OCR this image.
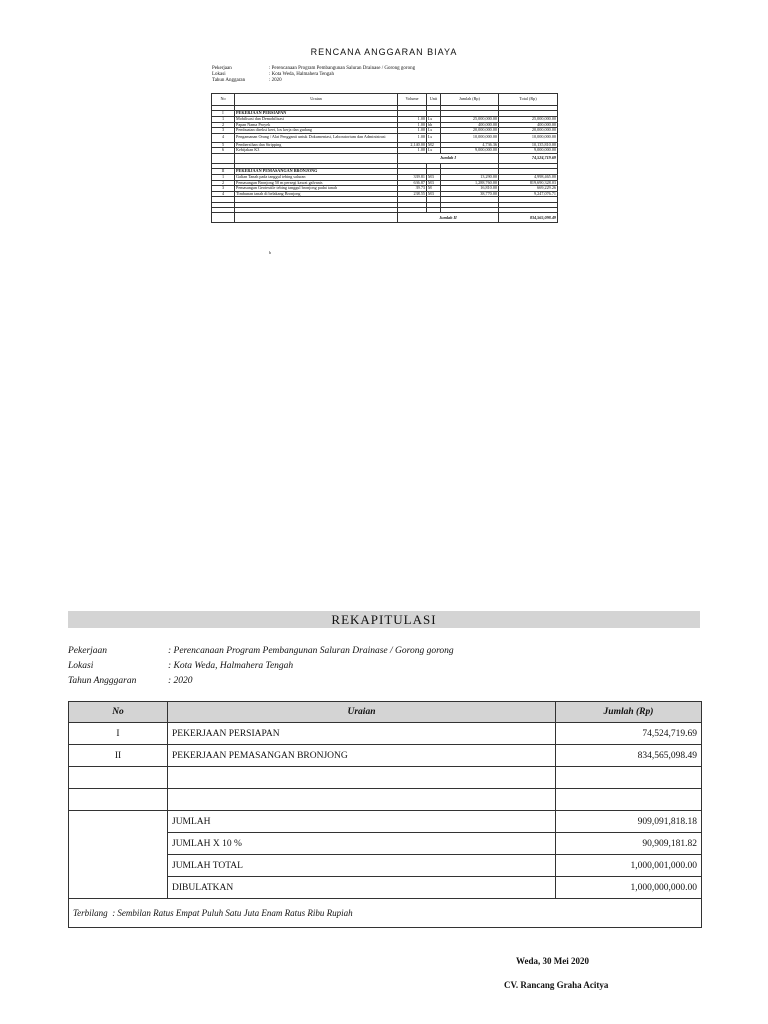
RENCANA ANGGARAN BIAYA
Pekerjaan	: Perencanaan Program Pembangunan Saluran Drainase / Gorong gorong
Lokasi	: Kota Weda, Halmahera Tengah
Tahun Anggaran	: 2020
No	Uraian	Volume	Unit	Jumlah (Rp)	Total (Rp)

I	PEKERJAAN PERSIAPAN				
1	Mobilisasi dan Demobilisasi	1.00	Ls	25,000,000.00	25,000,000.00
2	Papan Nama Proyek	1.00	bh	400,000.00	400,000.00
3	Pembuatan direksi keet, los kerja dan gudang	1.00	Ls	20,000,000.00	20,000,000.00
4	Pengamanan Orang / Alat Pengganti untuk Dokumentasi, Laboratorium dan Administrasi	1.00	Ls	10,000,000.00	10,000,000.00
5	Pembersihan dan Stripping	2,140.00	M2	4,736.36	10,135,810.00
6	Kebijakan K3	1.00	Ls	9,000,000.00	9,000,000.00
		Jumlah I			74,524,719.69

II	PEKERJAAN PEMASANGAN BRONJONG				
1	Galian Tanah pada tanggul tebing saluran	339.81	M3	13,290.00	4,998,465.00
2	Pemasangan Bronjong 50 m persegi kawat galvanis	636.87	M3	1,288,760.00	819,690,328.03
3	Pemasangan Geotextile tebing tanggul bronjong padat tanah	39.73	M	16,810.00	669,229.26
4	Timbunan tanah di belakang Bronjong	238.55	M3	38,770.00	9,247,076.71

		Jumlah II			834,565,098.49
b
REKAPITULASI
Pekerjaan	: Perencanaan Program Pembangunan Saluran Drainase / Gorong gorong
Lokasi	: Kota Weda, Halmahera Tengah
Tahun Angggaran	: 2020
No	Uraian	Jumlah (Rp)
I	PEKERJAAN PERSIAPAN	74,524,719.69
II	PEKERJAAN PEMASANGAN BRONJONG	834,565,098.49

	JUMLAH	909,091,818.18
	JUMLAH X 10 %	90,909,181.82
	JUMLAH TOTAL	1,000,001,000.00
	DIBULATKAN	1,000,000,000.00
Terbilang : Sembilan Ratus Empat Puluh Satu Juta Enam Ratus Ribu Rupiah		
Weda, 30 Mei 2020
CV. Rancang Graha Acitya
